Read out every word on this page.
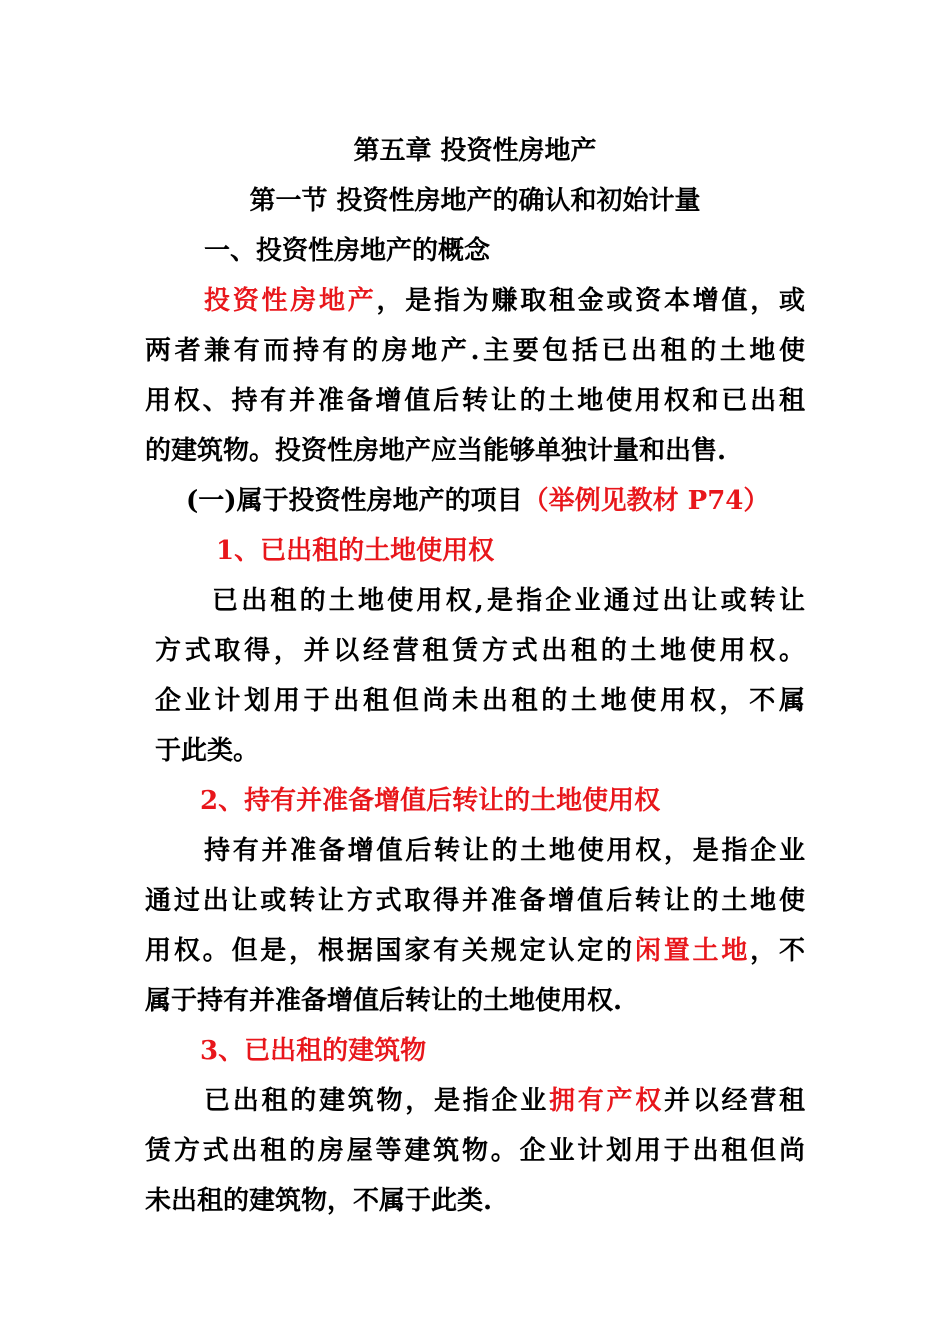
第五章 投资性房地产
第一节 投资性房地产的确认和初始计量
一、投资性房地产的概念
投资性房地产，是指为赚取租金或资本增值，或
两者兼有而持有的房地产.主要包括已出租的土地使
用权、持有并准备增值后转让的土地使用权和已出租
的建筑物。投资性房地产应当能够单独计量和出售.
(一)属于投资性房地产的项目（举例见教材 P74）
1、已出租的土地使用权
已出租的土地使用权,是指企业通过出让或转让
方式取得，并以经营租赁方式出租的土地使用权。
企业计划用于出租但尚未出租的土地使用权，不属
于此类。
2、持有并准备增值后转让的土地使用权
持有并准备增值后转让的土地使用权，是指企业
通过出让或转让方式取得并准备增值后转让的土地使
用权。但是，根据国家有关规定认定的闲置土地，不
属于持有并准备增值后转让的土地使用权.
3、已出租的建筑物
已出租的建筑物，是指企业拥有产权并以经营租
赁方式出租的房屋等建筑物。企业计划用于出租但尚
未出租的建筑物，不属于此类.
